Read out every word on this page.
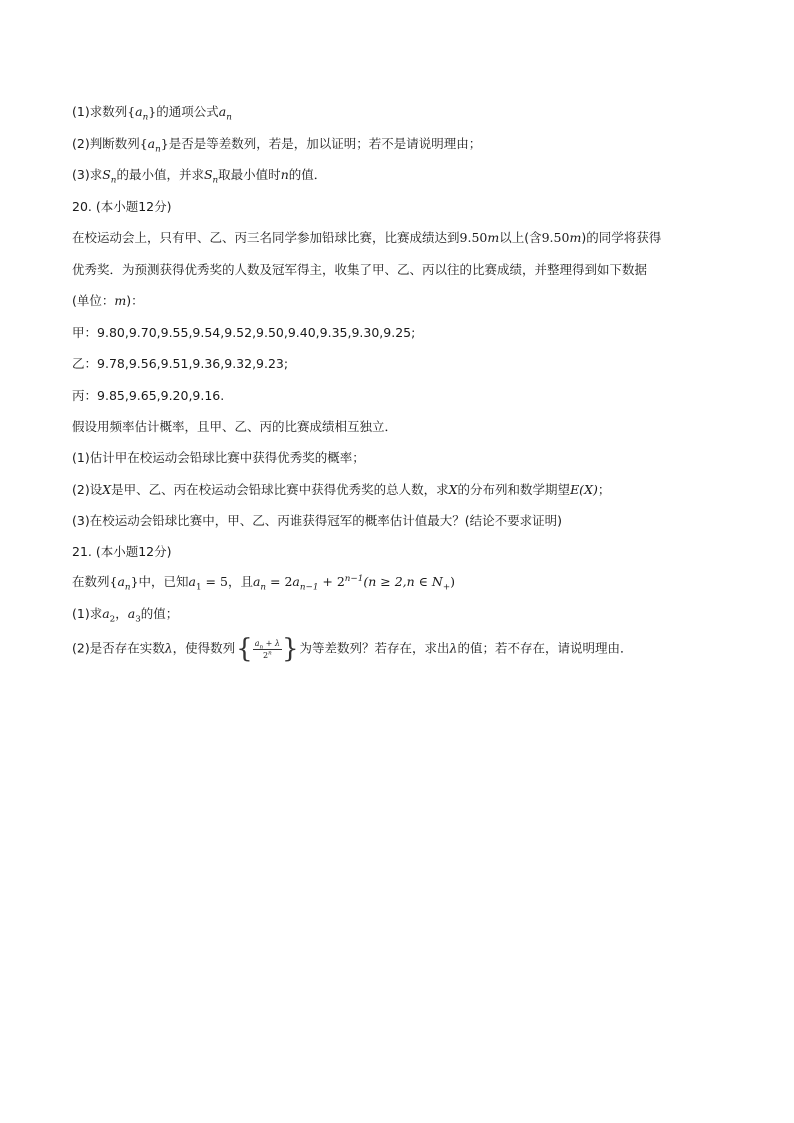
(1)求数列$\{a_n\}$的通项公式$a_n$
(2)判断数列$\{a_n\}$是否是等差数列，若是，加以证明；若不是请说明理由；
(3)求$S_n$的最小值，并求$S_n$取最小值时n的值．
20. (本小题12分)
在校运动会上，只有甲、乙、丙三名同学参加铅球比赛，比赛成绩达到9.50m以上(含9.50m)的同学将获得
优秀奖．为预测获得优秀奖的人数及冠军得主，收集了甲、乙、丙以往的比赛成绩，并整理得到如下数据
(单位：m)：
甲：9.80,9.70,9.55,9.54,9.52,9.50,9.40,9.35,9.30,9.25;
乙：9.78,9.56,9.51,9.36,9.32,9.23;
丙：9.85,9.65,9.20,9.16.
假设用频率估计概率，且甲、乙、丙的比赛成绩相互独立．
(1)估计甲在校运动会铅球比赛中获得优秀奖的概率；
(2)设X是甲、乙、丙在校运动会铅球比赛中获得优秀奖的总人数，求X的分布列和数学期望E(X)；
(3)在校运动会铅球比赛中，甲、乙、丙谁获得冠军的概率估计值最大？(结论不要求证明)
21. (本小题12分)
在数列$\{a_n\}$中，已知$a_1 = 5$，且$a_n = 2a_{n-1} + 2^{n-1}(n \ge 2,n$ ∈ $N_+$)
(1)求$a_2$，$a_3$的值；
(2)是否存在实数λ，使得数列{ $\frac{a_n + \lambda}{2^n}$ }为等差数列？若存在，求出λ的值；若不存在，请说明理由．
